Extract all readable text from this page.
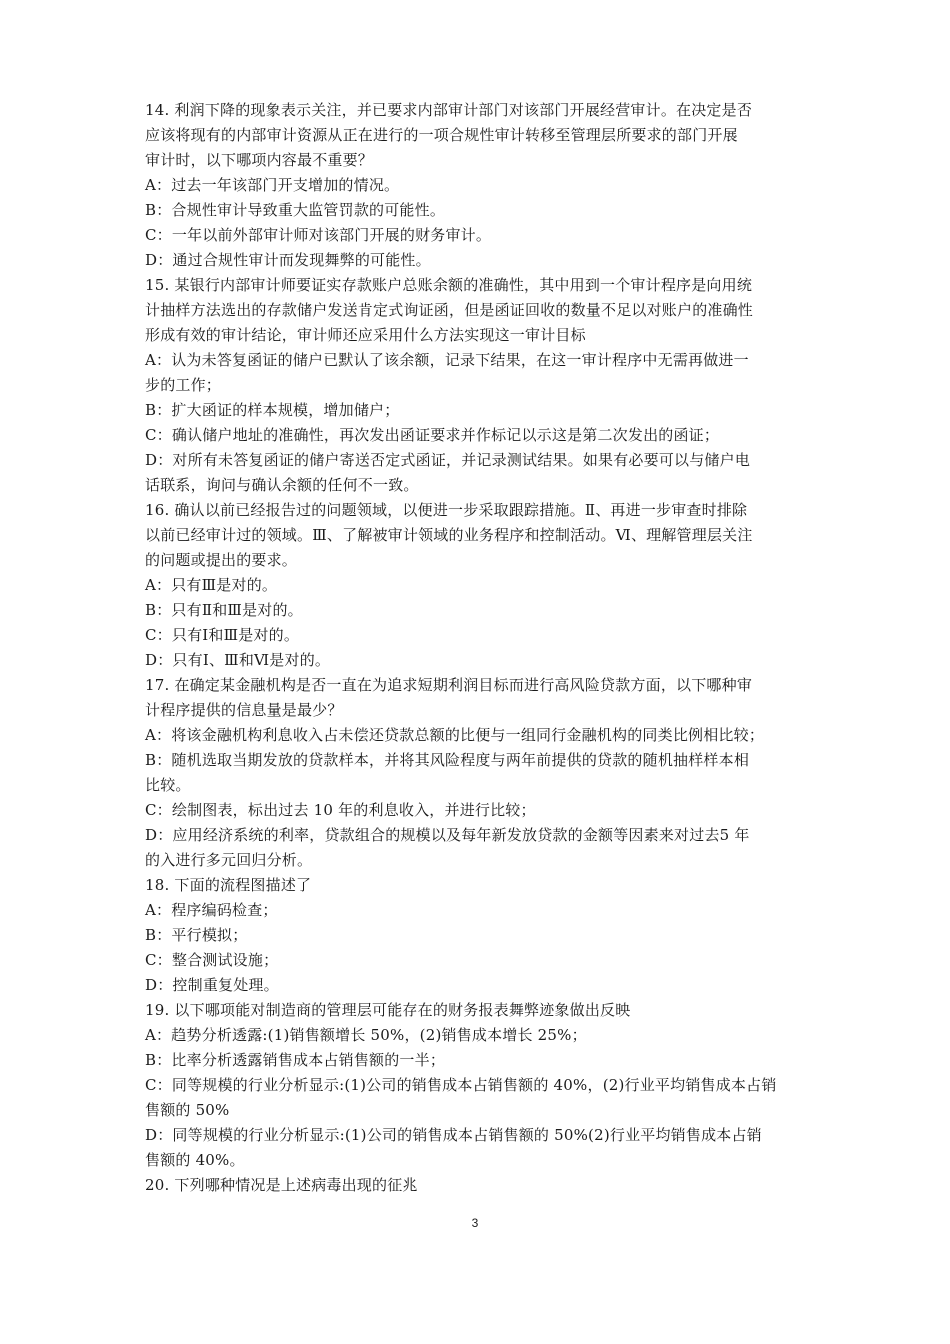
14. 利润下降的现象表示关注，并已要求内部审计部门对该部门开展经营审计。在决定是否
应该将现有的内部审计资源从正在进行的一项合规性审计转移至管理层所要求的部门开展
审计时，以下哪项内容最不重要？
A：过去一年该部门开支增加的情况。
B：合规性审计导致重大监管罚款的可能性。
C：一年以前外部审计师对该部门开展的财务审计。
D：通过合规性审计而发现舞弊的可能性。
15. 某银行内部审计师要证实存款账户总账余额的准确性，其中用到一个审计程序是向用统
计抽样方法选出的存款储户发送肯定式询证函，但是函证回收的数量不足以对账户的准确性
形成有效的审计结论，审计师还应采用什么方法实现这一审计目标
A：认为未答复函证的储户已默认了该余额，记录下结果，在这一审计程序中无需再做进一
步的工作；
B：扩大函证的样本规模，增加储户；
C：确认储户地址的准确性，再次发出函证要求并作标记以示这是第二次发出的函证；
D：对所有未答复函证的储户寄送否定式函证，并记录测试结果。如果有必要可以与储户电
话联系，询问与确认余额的任何不一致。
16. 确认以前已经报告过的问题领域，以便进一步采取跟踪措施。Ⅱ、再进一步审查时排除
以前已经审计过的领域。Ⅲ、了解被审计领域的业务程序和控制活动。Ⅵ、理解管理层关注
的问题或提出的要求。
A：只有Ⅲ是对的。
B：只有Ⅱ和Ⅲ是对的。
C：只有Ⅰ和Ⅲ是对的。
D：只有Ⅰ、Ⅲ和Ⅵ是对的。
17. 在确定某金融机构是否一直在为追求短期利润目标而进行高风险贷款方面，以下哪种审
计程序提供的信息量是最少？
A：将该金融机构利息收入占未偿还贷款总额的比便与一组同行金融机构的同类比例相比较；
B：随机选取当期发放的贷款样本，并将其风险程度与两年前提供的贷款的随机抽样样本相
比较。
C：绘制图表，标出过去 10 年的利息收入，并进行比较；
D：应用经济系统的利率，贷款组合的规模以及每年新发放贷款的金额等因素来对过去5 年
的入进行多元回归分析。
18. 下面的流程图描述了
A：程序编码检查；
B：平行模拟；
C：整合测试设施；
D：控制重复处理。
19. 以下哪项能对制造商的管理层可能存在的财务报表舞弊迹象做出反映
A：趋势分析透露:(1)销售额增长 50%，(2)销售成本增长 25%；
B：比率分析透露销售成本占销售额的一半；
C：同等规模的行业分析显示:(1)公司的销售成本占销售额的 40%，(2)行业平均销售成本占销
售额的 50%
D：同等规模的行业分析显示:(1)公司的销售成本占销售额的 50%(2)行业平均销售成本占销
售额的 40%。
20. 下列哪种情况是上述病毒出现的征兆
3
